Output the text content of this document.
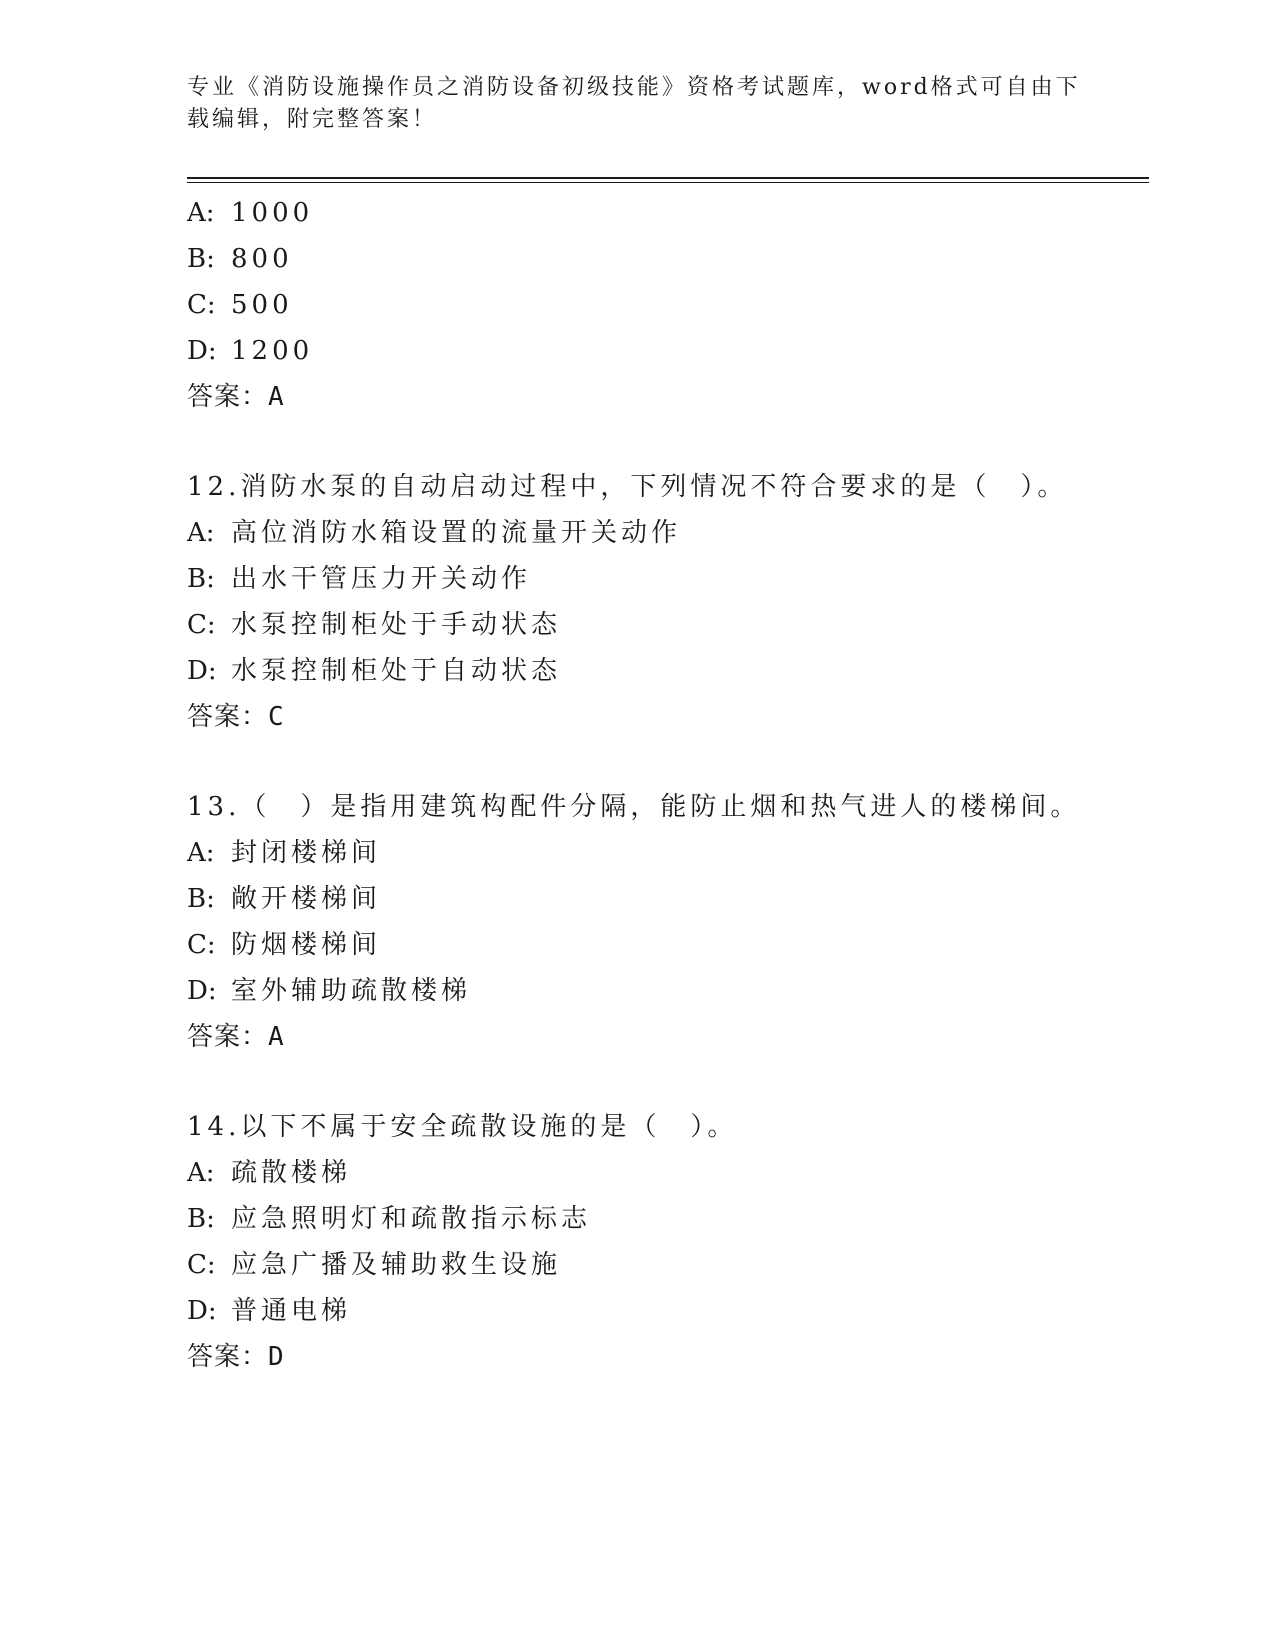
专业《消防设施操作员之消防设备初级技能》资格考试题库，word格式可自由下载编辑，附完整答案！
A: 1000
B: 800
C: 500
D: 1200
答案：A
12.消防水泵的自动启动过程中，下列情况不符合要求的是（　）。
A: 高位消防水箱设置的流量开关动作
B: 出水干管压力开关动作
C: 水泵控制柜处于手动状态
D: 水泵控制柜处于自动状态
答案：C
13.（　）是指用建筑构配件分隔，能防止烟和热气进人的楼梯间。
A: 封闭楼梯间
B: 敞开楼梯间
C: 防烟楼梯间
D: 室外辅助疏散楼梯
答案：A
14.以下不属于安全疏散设施的是（　）。
A: 疏散楼梯
B: 应急照明灯和疏散指示标志
C: 应急广播及辅助救生设施
D: 普通电梯
答案：D
